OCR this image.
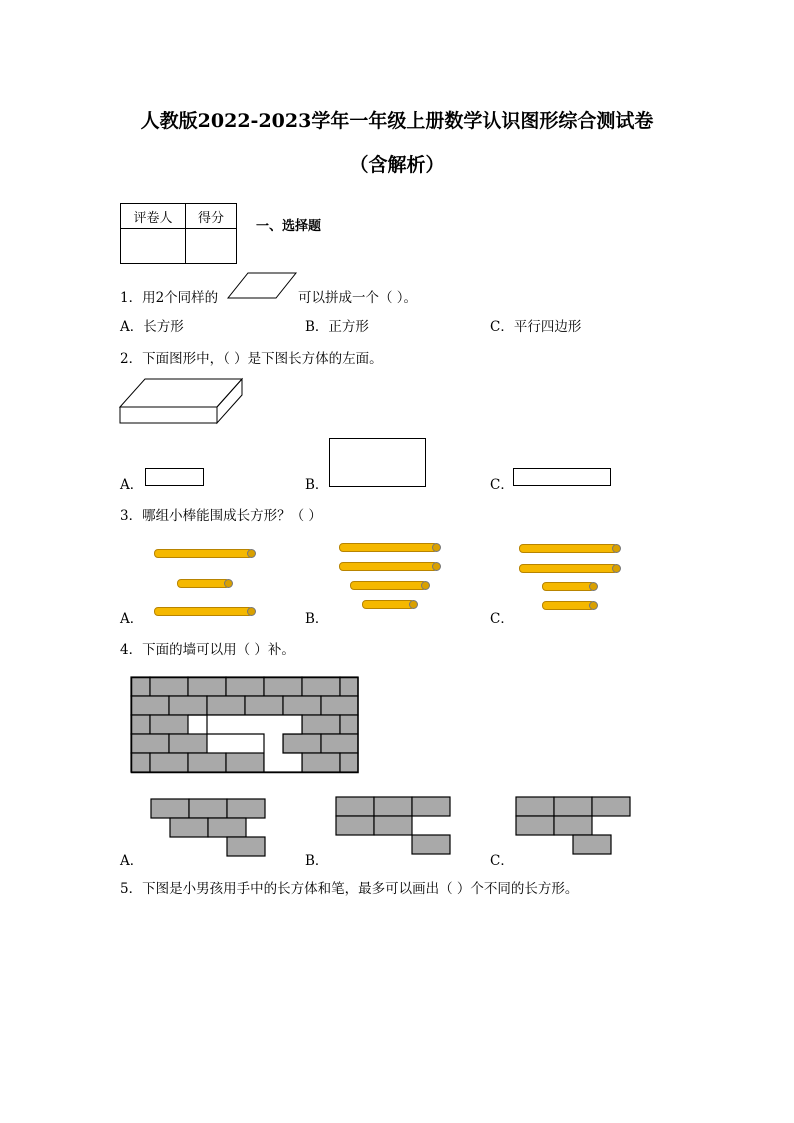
人教版2022-2023学年一年级上册数学认识图形综合测试卷
（含解析）
评卷人	得分

一、选择题
1．用2个同样的	可以拼成一个（ ）。
A．长方形	B．正方形	C．平行四边形
2．下面图形中，（ ）是下图长方体的左面。
A．	B．	C．
3．哪组小棒能围成长方形？（ ）
A．	B．	C．
4．下面的墙可以用（ ）补。
A．	B．	C．
5．下图是小男孩用手中的长方体和笔，最多可以画出（ ）个不同的长方形。
